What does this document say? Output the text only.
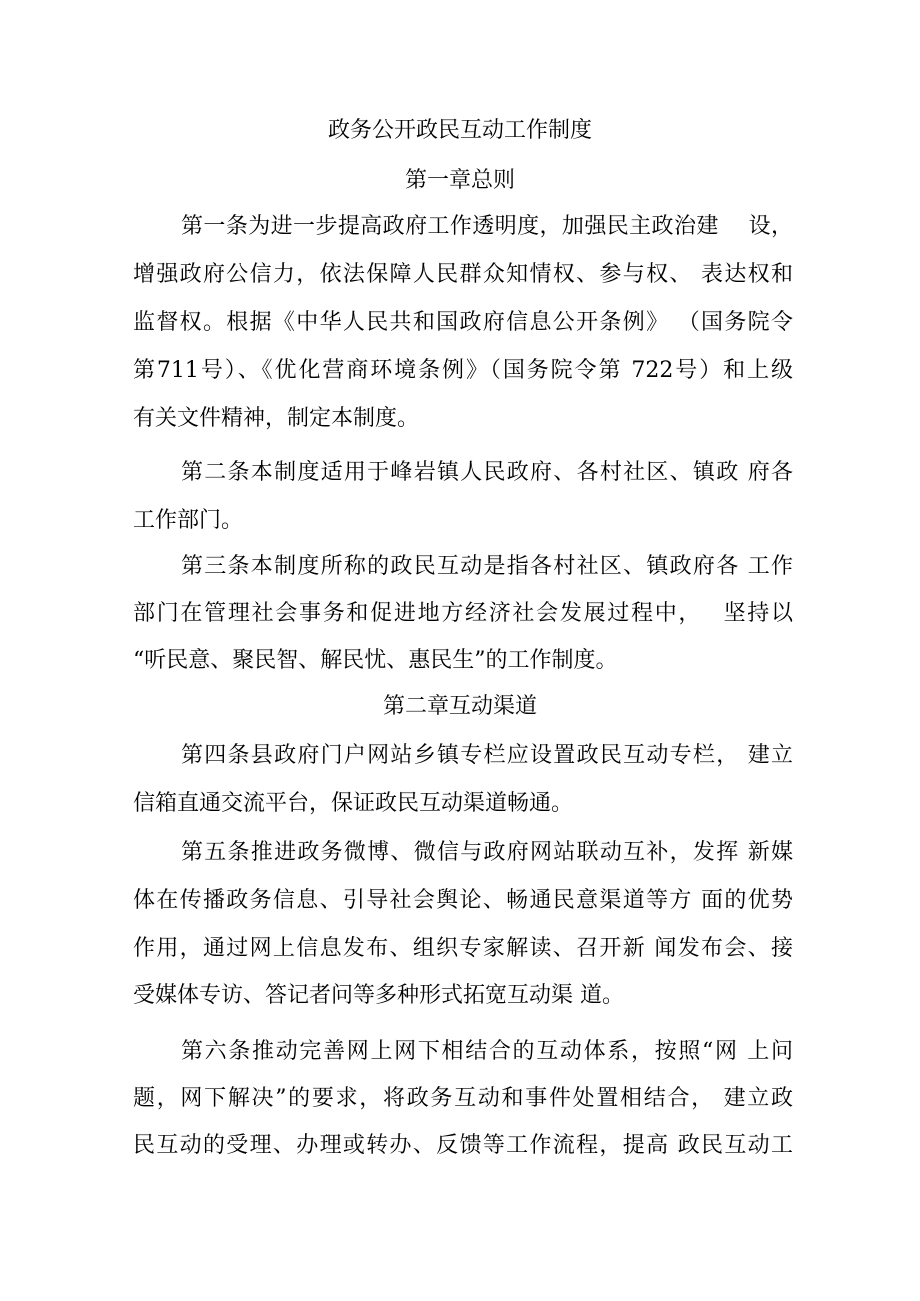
政务公开政民互动工作制度
第一章总则
第一条为进一步提高政府工作透明度，加强民主政治建　 设，
增强政府公信力，依法保障人民群众知情权、参与权、 表达权和
监督权。根据《中华人民共和国政府信息公开条例》 （国务院令
第711号）、《优化营商环境条例》（国务院令第 722号）和上级
有关文件精神，制定本制度。
第二条本制度适用于峰岩镇人民政府、各村社区、镇政 府各
工作部门。
第三条本制度所称的政民互动是指各村社区、镇政府各 工作
部门在管理社会事务和促进地方经济社会发展过程中，　 坚持以
“听民意、聚民智、解民忧、惠民生”的工作制度。
第二章互动渠道
第四条县政府门户网站乡镇专栏应设置政民互动专栏， 建立
信箱直通交流平台，保证政民互动渠道畅通。
第五条推进政务微博、微信与政府网站联动互补，发挥 新媒
体在传播政务信息、引导社会舆论、畅通民意渠道等方 面的优势
作用，通过网上信息发布、组织专家解读、召开新 闻发布会、接
受媒体专访、答记者问等多种形式拓宽互动渠 道。
第六条推动完善网上网下相结合的互动体系，按照“网 上问
题，网下解决”的要求，将政务互动和事件处置相结合， 建立政
民互动的受理、办理或转办、反馈等工作流程，提高 政民互动工
